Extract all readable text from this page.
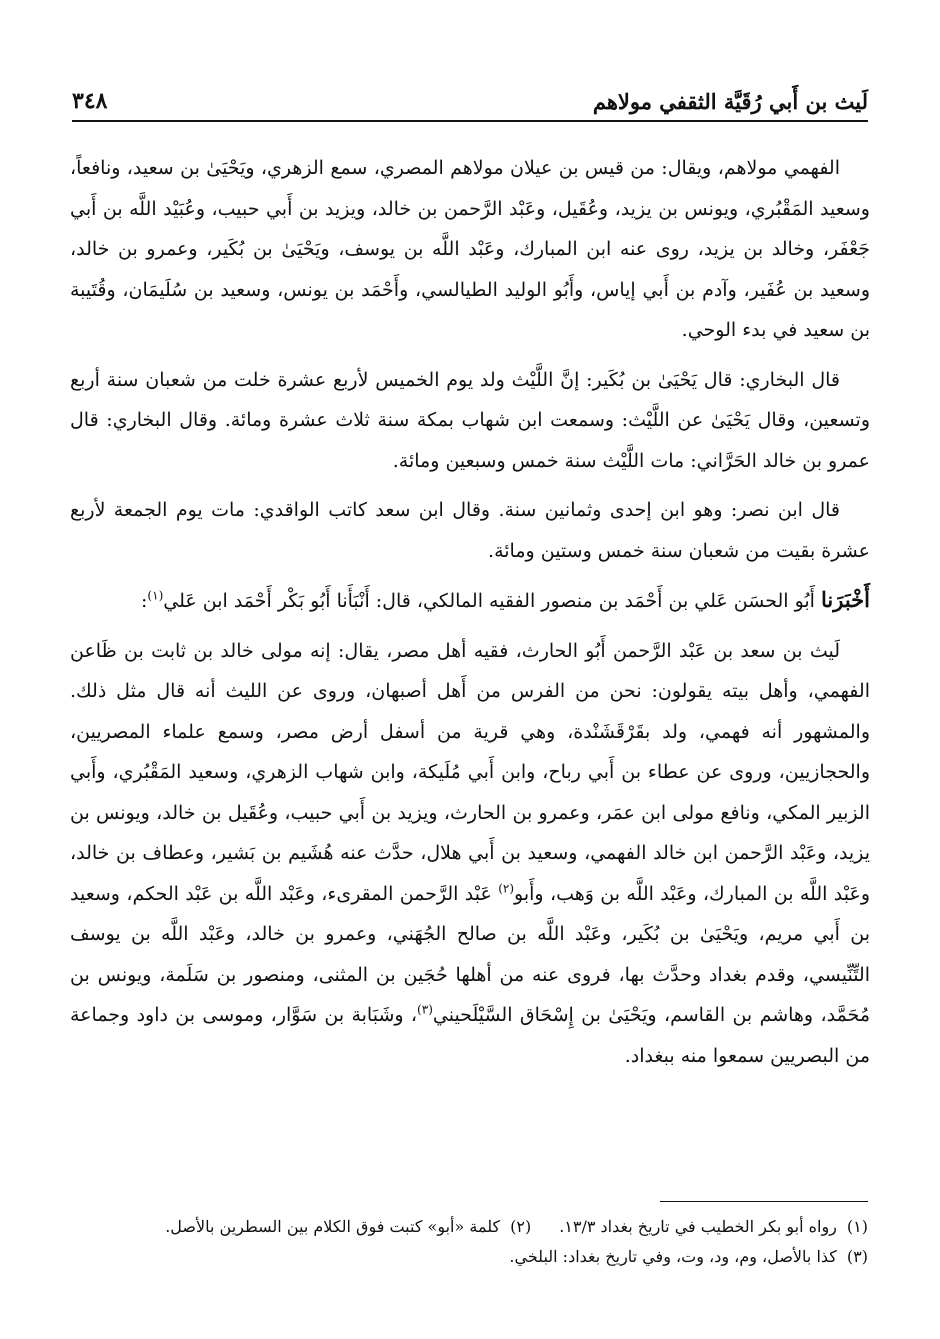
لَيث بن أَبي رُقَيَّة الثقفي مولاهم
٣٤٨

الفهمي مولاهم، ويقال: من قيس بن عيلان مولاهم المصري، سمع الزهري، ويَحْيَىٰ بن سعيد، ونافعاً، وسعيد المَقْبُري، ويونس بن يزيد، وعُقَيل، وعَبْد الرَّحمن بن خالد، ويزيد بن أَبي حبيب، وعُبَيْد اللَّه بن أَبي جَعْفَر، وخالد بن يزيد، روى عنه ابن المبارك، وعَبْد اللَّه بن يوسف، ويَحْيَىٰ بن بُكَير، وعمرو بن خالد، وسعيد بن عُفَير، وآدم بن أَبي إياس، وأَبُو الوليد الطيالسي، وأَحْمَد بن يونس، وسعيد بن سُلَيمَان، وقُتَيبة بن سعيد في بدء الوحي.

قال البخاري: قال يَحْيَىٰ بن بُكَير: إنَّ اللَّيْث ولد يوم الخميس لأربع عشرة خلت من شعبان سنة أربع وتسعين، وقال يَحْيَىٰ عن اللَّيْث: وسمعت ابن شهاب بمكة سنة ثلاث عشرة ومائة. وقال البخاري: قال عمرو بن خالد الحَرَّاني: مات اللَّيْث سنة خمس وسبعين ومائة.

قال ابن نصر: وهو ابن إحدى وثمانين سنة. وقال ابن سعد كاتب الواقدي: مات يوم الجمعة لأربع عشرة بقيت من شعبان سنة خمس وستين ومائة.

أَخْبَرَنا أَبُو الحسَن عَلي بن أَحْمَد بن منصور الفقيه المالكي، قال: أَنْبَأَنا أَبُو بَكْر أَحْمَد ابن عَلي$^{(١)}$:

لَيث بن سعد بن عَبْد الرَّحمن أَبُو الحارث، فقيه أهل مصر، يقال: إنه مولى خالد بن ثابت بن ظَاعن الفهمي، وأهل بيته يقولون: نحن من الفرس من أَهل أصبهان، وروى عن الليث أنه قال مثل ذلك. والمشهور أنه فهمي، ولد بقَرْقَشَنْدة، وهي قرية من أسفل أرض مصر، وسمع علماء المصريين، والحجازيين، وروى عن عطاء بن أَبي رباح، وابن أَبي مُلَيكة، وابن شهاب الزهري، وسعيد المَقْبُري، وأَبي الزبير المكي، ونافع مولى ابن عمَر، وعمرو بن الحارث، ويزيد بن أَبي حبيب، وعُقَيل بن خالد، ويونس بن يزيد، وعَبْد الرَّحمن ابن خالد الفهمي، وسعيد بن أَبي هلال، حدَّث عنه هُشَيم بن بَشير، وعطاف بن خالد، وعَبْد اللَّه بن المبارك، وعَبْد اللَّه بن وَهب، وأَبو$^{(٢)}$ عَبْد الرَّحمن المقرىء، وعَبْد اللَّه بن عَبْد الحكم، وسعيد بن أَبي مريم، ويَحْيَىٰ بن بُكَير، وعَبْد اللَّه بن صالح الجُهَني، وعمرو بن خالد، وعَبْد اللَّه بن يوسف التِّنِّيسي، وقدم بغداد وحدَّث بها، فروى عنه من أهلها حُجَين بن المثنى، ومنصور بن سَلَمة، ويونس بن مُحَمَّد، وهاشم بن القاسم، ويَحْيَىٰ بن إِسْحَاق السَّيْلَحيني$^{(٣)}$، وشَبَابة بن سَوَّار، وموسى بن داود وجماعة من البصريين سمعوا منه ببغداد.

(١)رواه أبو بكر الخطيب في تاريخ بغداد ١٣/٣.(٢)كلمة «أبو» كتبت فوق الكلام بين السطرين بالأصل.
(٣)كذا بالأصل، وم، ود، وت، وفي تاريخ بغداد: البلخي.
